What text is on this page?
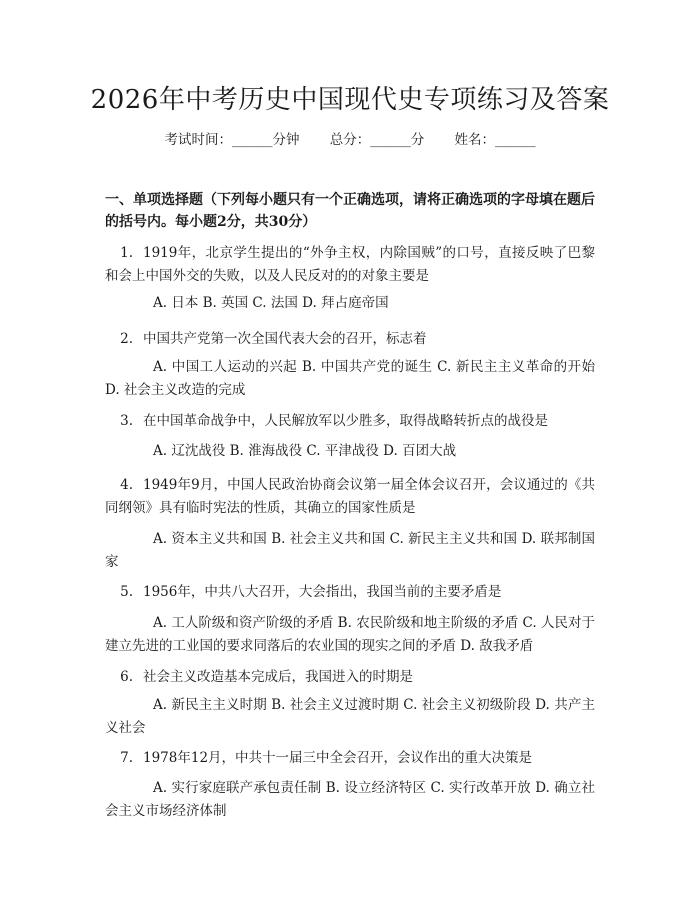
2026年中考历史中国现代史专项练习及答案
考试时间：______分钟 总分：______分 姓名：______
一、单项选择题（下列每小题只有一个正确选项，请将正确选项的字母填在题后的括号内。每小题2分，共30分）
1. 1919年，北京学生提出的“外争主权，内除国贼”的口号，直接反映了巴黎和会上中国外交的失败，以及人民反对的的对象主要是
A. 日本 B. 英国 C. 法国 D. 拜占庭帝国
2. 中国共产党第一次全国代表大会的召开，标志着
A. 中国工人运动的兴起 B. 中国共产党的诞生 C. 新民主主义革命的开始 D. 社会主义改造的完成
3. 在中国革命战争中，人民解放军以少胜多，取得战略转折点的战役是
A. 辽沈战役 B. 淮海战役 C. 平津战役 D. 百团大战
4. 1949年9月，中国人民政治协商会议第一届全体会议召开，会议通过的《共同纲领》具有临时宪法的性质，其确立的国家性质是
A. 资本主义共和国 B. 社会主义共和国 C. 新民主主义共和国 D. 联邦制国家
5. 1956年，中共八大召开，大会指出，我国当前的主要矛盾是
A. 工人阶级和资产阶级的矛盾 B. 农民阶级和地主阶级的矛盾 C. 人民对于建立先进的工业国的要求同落后的农业国的现实之间的矛盾 D. 敌我矛盾
6. 社会主义改造基本完成后，我国进入的时期是
A. 新民主主义时期 B. 社会主义过渡时期 C. 社会主义初级阶段 D. 共产主义社会
7. 1978年12月，中共十一届三中全会召开，会议作出的重大决策是
A. 实行家庭联产承包责任制 B. 设立经济特区 C. 实行改革开放 D. 确立社会主义市场经济体制
